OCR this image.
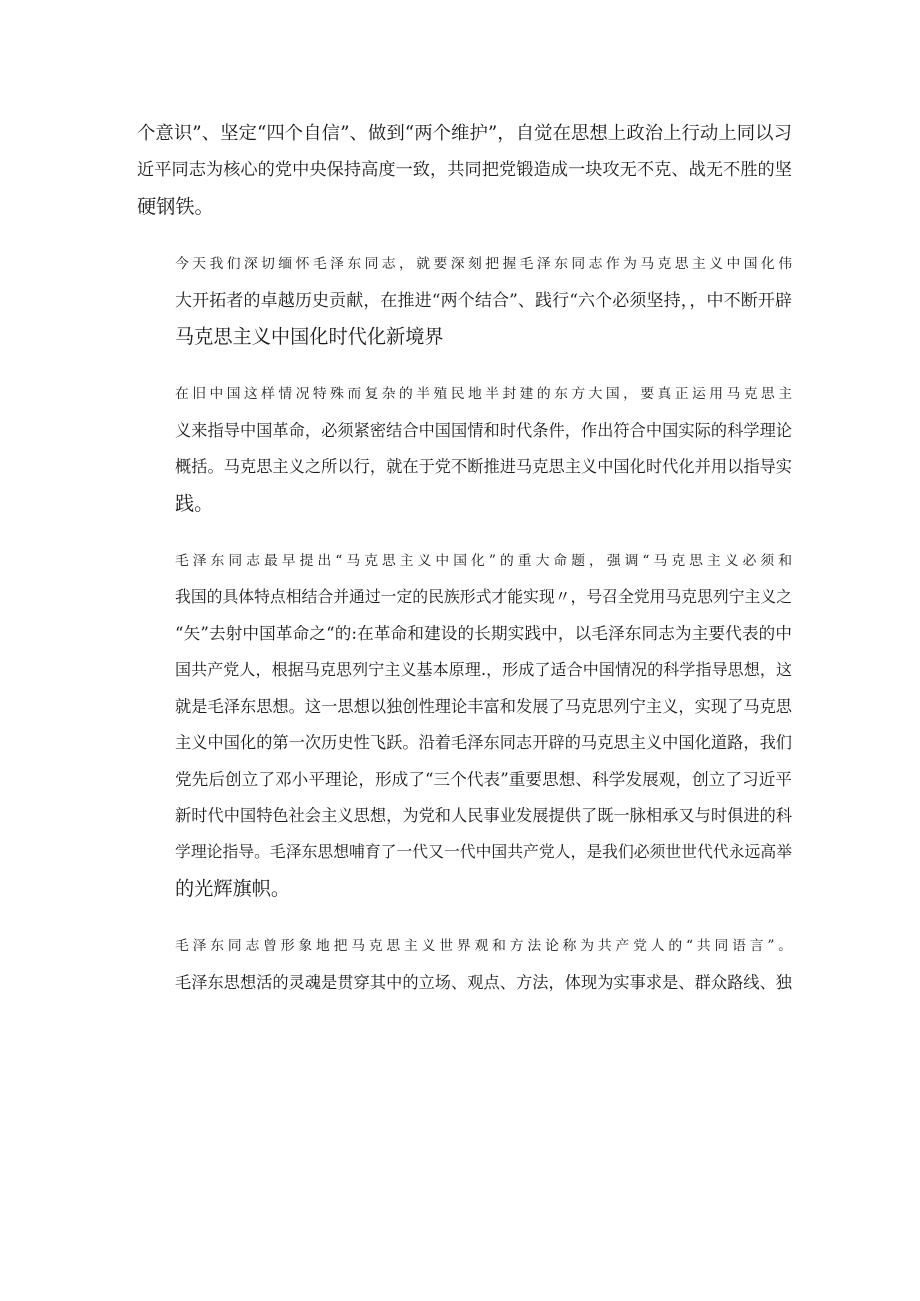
个意识”、坚定“四个自信”、做到“两个维护”，自觉在思想上政治上行动上同以习
近平同志为核心的党中央保持高度一致，共同把党锻造成一块攻无不克、战无不胜的坚
硬钢铁。
今天我们深切缅怀毛泽东同志，就要深刻把握毛泽东同志作为马克思主义中国化伟
大开拓者的卓越历史贡献，在推进“两个结合”、践行“六个必须坚持，，中不断开辟
马克思主义中国化时代化新境界
在旧中国这样情况特殊而复杂的半殖民地半封建的东方大国，要真正运用马克思主
义来指导中国革命，必须紧密结合中国国情和时代条件，作出符合中国实际的科学理论
概括。马克思主义之所以行，就在于党不断推进马克思主义中国化时代化并用以指导实
践。
毛泽东同志最早提出“马克思主义中国化”的重大命题，强调“马克思主义必须和
我国的具体特点相结合并通过一定的民族形式才能实现〃，号召全党用马克思列宁主义之
“矢”去射中国革命之“的:在革命和建设的长期实践中，以毛泽东同志为主要代表的中
国共产党人，根据马克思列宁主义基本原理.，形成了适合中国情况的科学指导思想，这
就是毛泽东思想。这一思想以独创性理论丰富和发展了马克思列宁主义，实现了马克思
主义中国化的第一次历史性飞跃。沿着毛泽东同志开辟的马克思主义中国化道路，我们
党先后创立了邓小平理论，形成了“三个代表”重要思想、科学发展观，创立了习近平
新时代中国特色社会主义思想，为党和人民事业发展提供了既一脉相承又与时俱进的科
学理论指导。毛泽东思想哺育了一代又一代中国共产党人，是我们必须世世代代永远高举
的光辉旗帜。
毛泽东同志曾形象地把马克思主义世界观和方法论称为共产党人的“共同语言”。
毛泽东思想活的灵魂是贯穿其中的立场、观点、方法，体现为实事求是、群众路线、独
